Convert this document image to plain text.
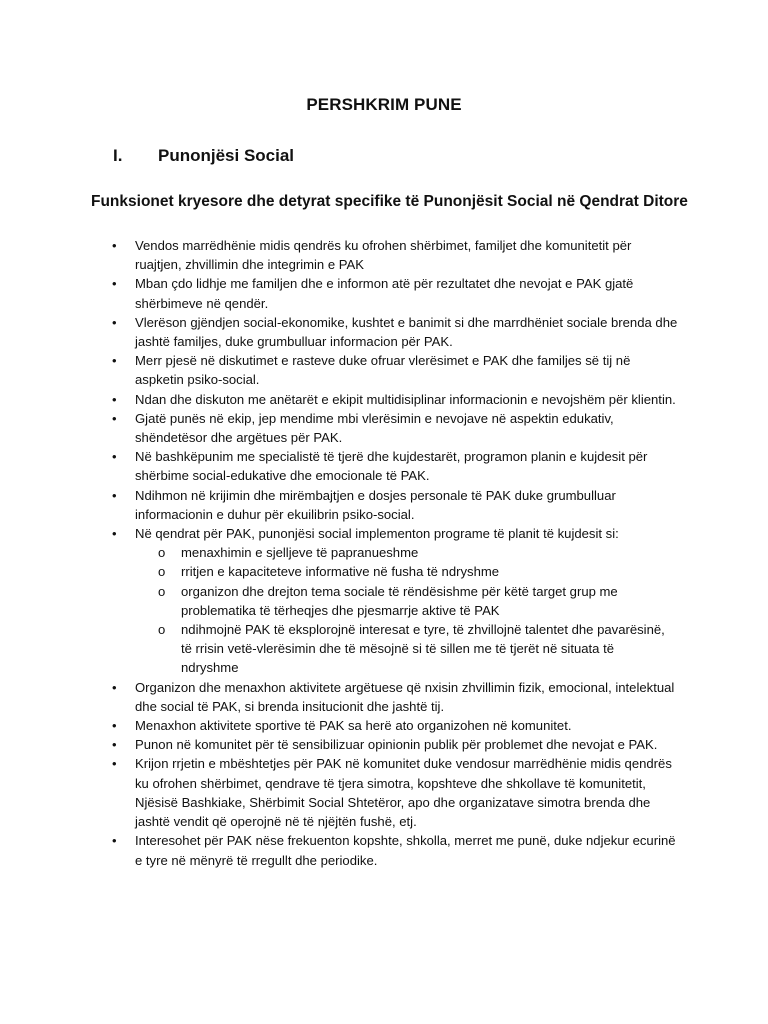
PERSHKRIM PUNE
I. Punonjësi Social
Funksionet kryesore dhe detyrat specifike të Punonjësit Social në Qendrat Ditore
• Vendos marrëdhënie midis qendrës ku ofrohen shërbimet, familjet dhe komunitetit për ruajtjen, zhvillimin dhe integrimin e PAK
• Mban çdo lidhje me familjen dhe e informon atë për rezultatet dhe nevojat e PAK gjatë shërbimeve në qendër.
• Vlerëson gjëndjen social-ekonomike, kushtet e banimit si dhe marrdhëniet sociale brenda dhe jashtë familjes, duke grumbulluar informacion për PAK.
• Merr pjesë në diskutimet e rasteve duke ofruar vlerësimet e PAK dhe familjes së tij në aspketin psiko-social.
• Ndan dhe diskuton me anëtarët e ekipit multidisiplinar informacionin e nevojshëm për klientin.
• Gjatë punës në ekip, jep mendime mbi vlerësimin e nevojave në aspektin edukativ, shëndetësor dhe argëtues për PAK.
• Në bashkëpunim me specialistë të tjerë dhe kujdestarët, programon planin e kujdesit për shërbime social-edukative dhe emocionale të PAK.
• Ndihmon në krijimin dhe mirëmbajtjen e dosjes personale të PAK duke grumbulluar informacionin e duhur për ekuilibrin psiko-social.
• Në qendrat për PAK, punonjësi social implementon programe të planit të kujdesit si:
o menaxhimin e sjelljeve të papranueshme
o rritjen e kapaciteteve informative në fusha të ndryshme
o organizon dhe drejton tema sociale të rëndësishme për këtë target grup me problematika të tërheqjes dhe pjesmarrje aktive të PAK
o ndihmojnë PAK të eksplorojnë interesat e tyre, të zhvillojnë talentet dhe pavarësinë, të rrisin vetë-vlerësimin dhe të mësojnë si të sillen me të tjerët në situata të ndryshme
• Organizon dhe menaxhon aktivitete argëtuese që nxisin zhvillimin fizik, emocional, intelektual dhe social të PAK, si brenda insitucionit dhe jashtë tij.
• Menaxhon aktivitete sportive të PAK sa herë ato organizohen në komunitet.
• Punon në komunitet për të sensibilizuar opinionin publik për problemet dhe nevojat e PAK.
• Krijon rrjetin e mbështetjes për PAK në komunitet duke vendosur marrëdhënie midis qendrës ku ofrohen shërbimet, qendrave të tjera simotra, kopshteve dhe shkollave të komunitetit, Njësisë Bashkiake, Shërbimit Social Shtetëror, apo dhe organizatave simotra brenda dhe jashtë vendit që operojnë në të njëjtën fushë, etj.
• Interesohet për PAK nëse frekuenton kopshte, shkolla, merret me punë, duke ndjekur ecurinë e tyre në mënyrë të rregullt dhe periodike.
